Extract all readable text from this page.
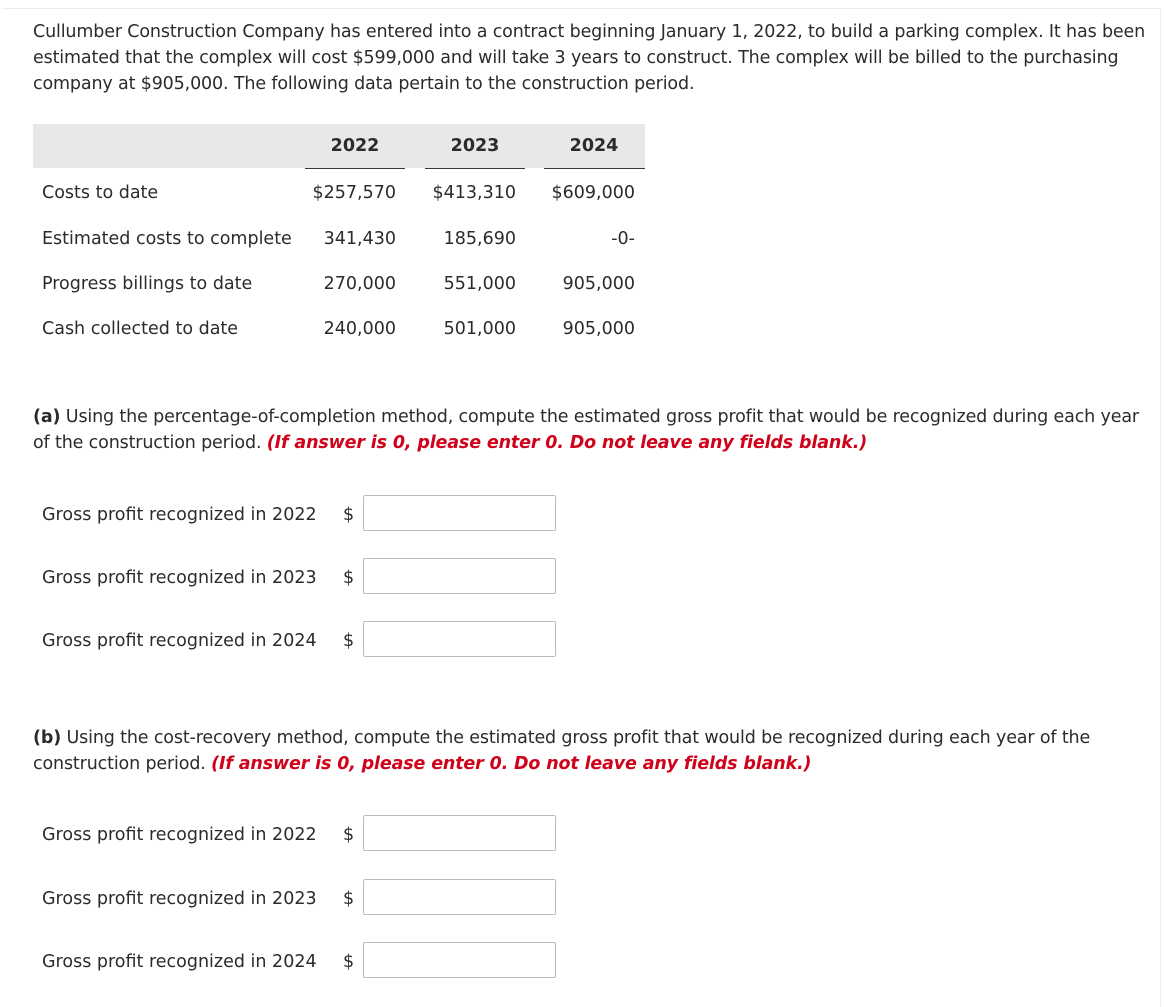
Cullumber Construction Company has entered into a contract beginning January 1, 2022, to build a parking complex. It has been estimated that the complex will cost $599,000 and will take 3 years to construct. The complex will be billed to the purchasing company at $905,000. The following data pertain to the construction period.
2022	2023	2024
Costs to date	$257,570	$413,310	$609,000
Estimated costs to complete	341,430	185,690	-0-
Progress billings to date	270,000	551,000	905,000
Cash collected to date	240,000	501,000	905,000
(a) Using the percentage-of-completion method, compute the estimated gross profit that would be recognized during each year of the construction period. (If answer is 0, please enter 0. Do not leave any fields blank.)
Gross profit recognized in 2022 $
Gross profit recognized in 2023 $
Gross profit recognized in 2024 $
(b) Using the cost-recovery method, compute the estimated gross profit that would be recognized during each year of the construction period. (If answer is 0, please enter 0. Do not leave any fields blank.)
Gross profit recognized in 2022 $
Gross profit recognized in 2023 $
Gross profit recognized in 2024 $
